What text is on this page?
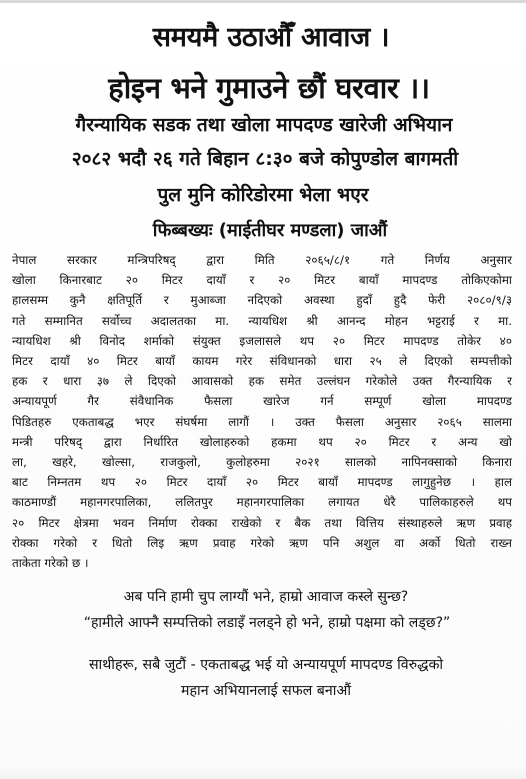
समयमै उठाऔँ आवाज ।
होइन भने गुमाउने छौं घरवार ।।
गैरन्यायिक सडक तथा खोला मापदण्ड खारेजी अभियान
२०८२ भदौ २६ गते बिहान ८:३० बजे कोपुण्डोल बागमती
पुल मुनि कोरिडोरमा भेला भएर
फिब्बख्यः (माईतीघर मण्डला) जाऔं
नेपाल सरकार मन्त्रिपरिषद् द्वारा मिति २०६५/८/१ गते निर्णय अनुसार
खोला किनारबाट २० मिटर दायाँ र २० मिटर बायाँ मापदण्ड तोकिएकोमा
हालसम्म कुनै क्षतिपूर्ति र मुआब्जा नदिएको अवस्था हुदाँ हुदै फेरी २०८०/९/३
गते सम्मानित सर्वोच्च अदालतका मा. न्यायधिश श्री आनन्द मोहन भट्टराई र मा.
न्यायधिश श्री विनोद शर्माको संयुक्त इजलासले थप २० मिटर मापदण्ड तोकेर ४०
मिटर दायाँ ४० मिटर बायाँ कायम गरेर संविधानको धारा २५ ले दिएको सम्पत्तीको
हक र धारा ३७ ले दिएको आवासको हक समेत उल्लंघन गरेकोले उक्त गैरन्यायिक र
अन्यायपूर्ण गैर संवैधानिक फैसला खारेज गर्न सम्पूर्ण खोला मापदण्ड
पिडितहरु एकताबद्ध भएर संघर्षमा लागौं । उक्त फैसला अनुसार २०६५ सालमा
मन्त्री परिषद् द्वारा निर्धारित खोलाहरुको हकमा थप २० मिटर र अन्य खो
ला, खहरे, खोल्सा, राजकुलो, कुलोहरुमा २०२१ सालको नापिनक्साको किनारा
बाट निम्नतम थप २० मिटर दायाँ २० मिटर बायाँ मापदण्ड लागुहुनेछ । हाल
काठमाण्डौं महानगरपालिका, ललितपुर महानगरपालिका लगायत धेरै पालिकाहरुले थप
२० मिटर क्षेत्रमा भवन निर्माण रोक्का राखेको र बैक तथा वित्तिय संस्थाहरुले ऋण प्रवाह
रोक्का गरेको र धितो लिइ ऋण प्रवाह गरेको ऋण पनि अशुल वा अर्को धितो राख्न
ताकेता गरेको छ ।
अब पनि हामी चुप लाग्यौं भने, हाम्रो आवाज कस्ले सुन्छ?
“हामीले आफ्नै सम्पत्तिको लडाइँ नलड्ने हो भने, हाम्रो पक्षमा को लड्छ?”
साथीहरू, सबै जुटौं - एकताबद्ध भई यो अन्यायपूर्ण मापदण्ड विरुद्धको
महान अभियानलाई सफल बनाऔं
